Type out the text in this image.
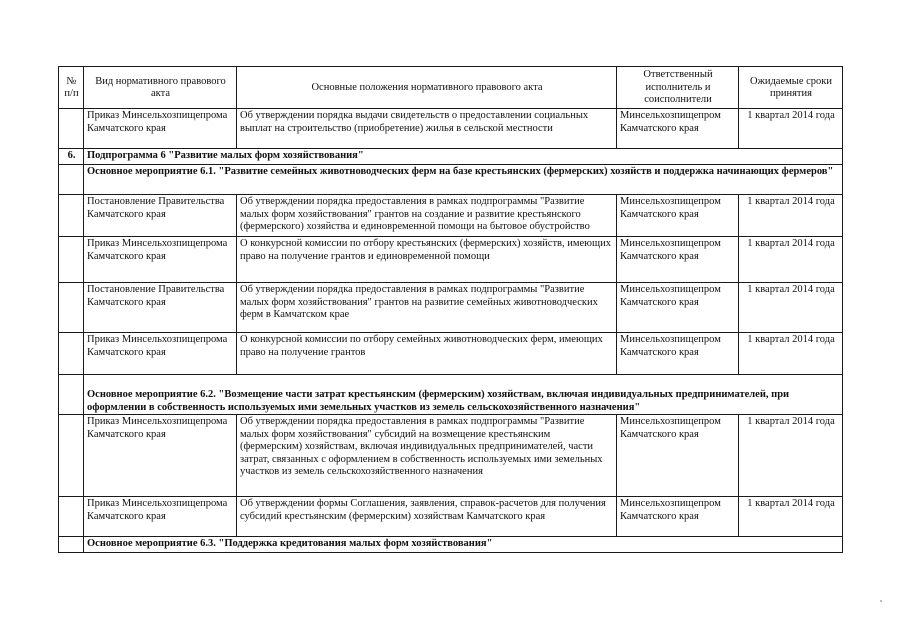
№ п/п	Вид нормативного правового акта	Основные положения нормативного правового акта	Ответственный исполнитель и соисполнители	Ожидаемые сроки принятия
	Приказ Минсельхозпищепрома Камчатского края	Об утверждении порядка выдачи свидетельств о предоставлении социальных выплат на строительство (приобретение) жилья в сельской местности	Минсельхозпищепром Камчатского края	1 квартал 2014 года
6.	Подпрограмма 6 "Развитие малых форм хозяйствования"			
	Основное мероприятие 6.1. "Развитие семейных животноводческих ферм на базе крестьянских (фермерских) хозяйств и поддержка начинающих фермеров"			
	Постановление Правительства Камчатского края	Об утверждении порядка предоставления в рамках подпрограммы "Развитие малых форм хозяйствования" грантов на создание и развитие крестьянского (фермерского) хозяйства и единовременной помощи на бытовое обустройство	Минсельхозпищепром Камчатского края	1 квартал 2014 года
	Приказ Минсельхозпищепрома Камчатского края	О конкурсной комиссии по отбору крестьянских (фермерских) хозяйств, имеющих право на получение грантов и единовременной помощи	Минсельхозпищепром Камчатского края	1 квартал 2014 года
	Постановление Правительства Камчатского края	Об утверждении порядка предоставления в рамках подпрограммы "Развитие малых форм хозяйствования" грантов на развитие семейных животноводческих ферм в Камчатском крае	Минсельхозпищепром Камчатского края	1 квартал 2014 года
	Приказ Минсельхозпищепрома Камчатского края	О конкурсной комиссии по отбору семейных животноводческих ферм, имеющих право на получение грантов	Минсельхозпищепром Камчатского края	1 квартал 2014 года
	Основное мероприятие 6.2. "Возмещение части затрат крестьянским (фермерским) хозяйствам, включая индивидуальных предпринимателей, при оформлении в собственность используемых ими земельных участков из земель сельскохозяйственного назначения"			
	Приказ Минсельхозпищепрома Камчатского края	Об утверждении порядка предоставления в рамках подпрограммы "Развитие малых форм хозяйствования" субсидий на возмещение крестьянским (фермерским) хозяйствам, включая индивидуальных предпринимателей, части затрат, связанных с оформлением в собственность используемых ими земельных участков из земель сельскохозяйственного назначения	Минсельхозпищепром Камчатского края	1 квартал 2014 года
	Приказ Минсельхозпищепрома Камчатского края	Об утверждении формы Соглашения, заявления, справок-расчетов для получения субсидий крестьянским (фермерским) хозяйствам Камчатского края	Минсельхозпищепром Камчатского края	1 квартал 2014 года
	Основное мероприятие 6.3. "Поддержка кредитования малых форм хозяйствования"			
